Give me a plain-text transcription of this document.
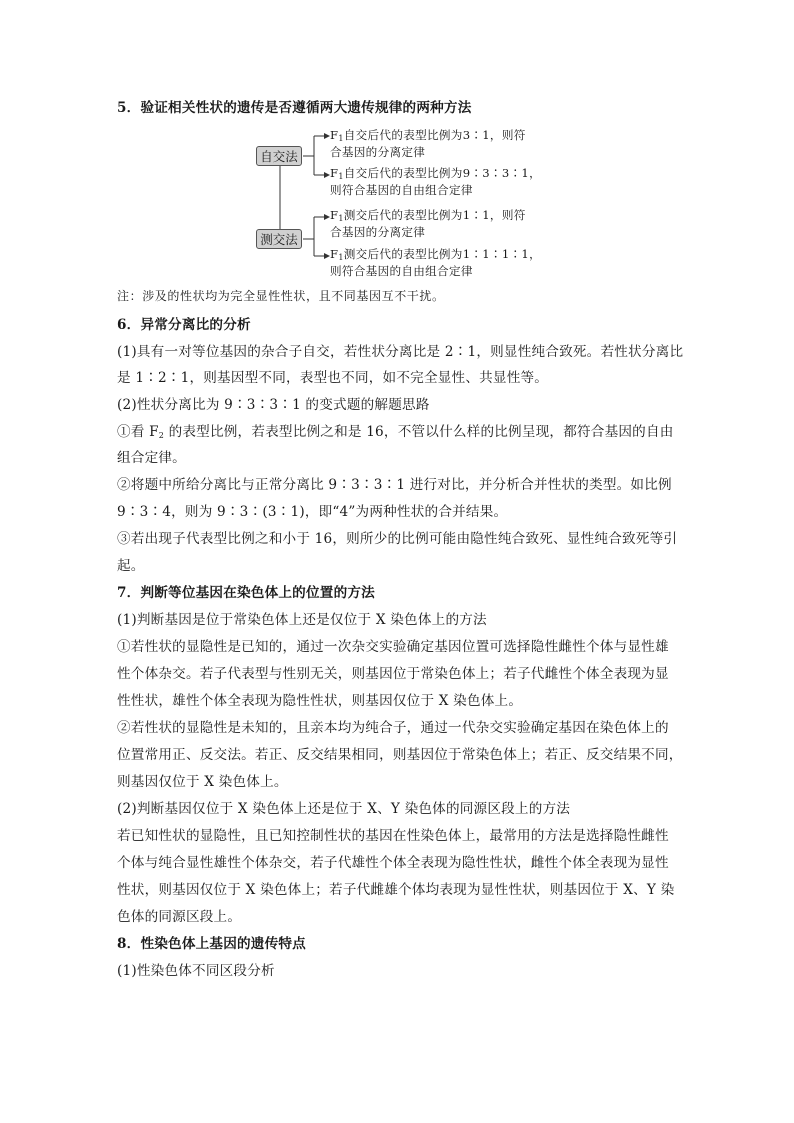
5．验证相关性状的遗传是否遵循两大遗传规律的两种方法
自交法
测交法
$F_1$自交后代的表型比例为3∶1，则符
合基因的分离定律
$F_1$自交后代的表型比例为9∶3∶3∶1，
则符合基因的自由组合定律
$F_1$测交后代的表型比例为1∶1，则符
合基因的分离定律
$F_1$测交后代的表型比例为1∶1∶1∶1，
则符合基因的自由组合定律
注：涉及的性状均为完全显性性状，且不同基因互不干扰。
6．异常分离比的分析
(1)具有一对等位基因的杂合子自交，若性状分离比是 2∶1，则显性纯合致死。若性状分离比
是 1∶2∶1，则基因型不同，表型也不同，如不完全显性、共显性等。
(2)性状分离比为 9∶3∶3∶1 的变式题的解题思路
①看 $F_2$ 的表型比例，若表型比例之和是 16，不管以什么样的比例呈现，都符合基因的自由
组合定律。
②将题中所给分离比与正常分离比 9∶3∶3∶1 进行对比，并分析合并性状的类型。如比例
9∶3∶4，则为 9∶3∶(3∶1)，即“4”为两种性状的合并结果。
③若出现子代表型比例之和小于 16，则所少的比例可能由隐性纯合致死、显性纯合致死等引
起。
7．判断等位基因在染色体上的位置的方法
(1)判断基因是位于常染色体上还是仅位于 X 染色体上的方法
①若性状的显隐性是已知的，通过一次杂交实验确定基因位置可选择隐性雌性个体与显性雄
性个体杂交。若子代表型与性别无关，则基因位于常染色体上；若子代雌性个体全表现为显
性性状，雄性个体全表现为隐性性状，则基因仅位于 X 染色体上。
②若性状的显隐性是未知的，且亲本均为纯合子，通过一代杂交实验确定基因在染色体上的
位置常用正、反交法。若正、反交结果相同，则基因位于常染色体上；若正、反交结果不同，
则基因仅位于 X 染色体上。
(2)判断基因仅位于 X 染色体上还是位于 X、Y 染色体的同源区段上的方法
若已知性状的显隐性，且已知控制性状的基因在性染色体上，最常用的方法是选择隐性雌性
个体与纯合显性雄性个体杂交，若子代雄性个体全表现为隐性性状，雌性个体全表现为显性
性状，则基因仅位于 X 染色体上；若子代雌雄个体均表现为显性性状，则基因位于 X、Y 染
色体的同源区段上。
8．性染色体上基因的遗传特点
(1)性染色体不同区段分析
